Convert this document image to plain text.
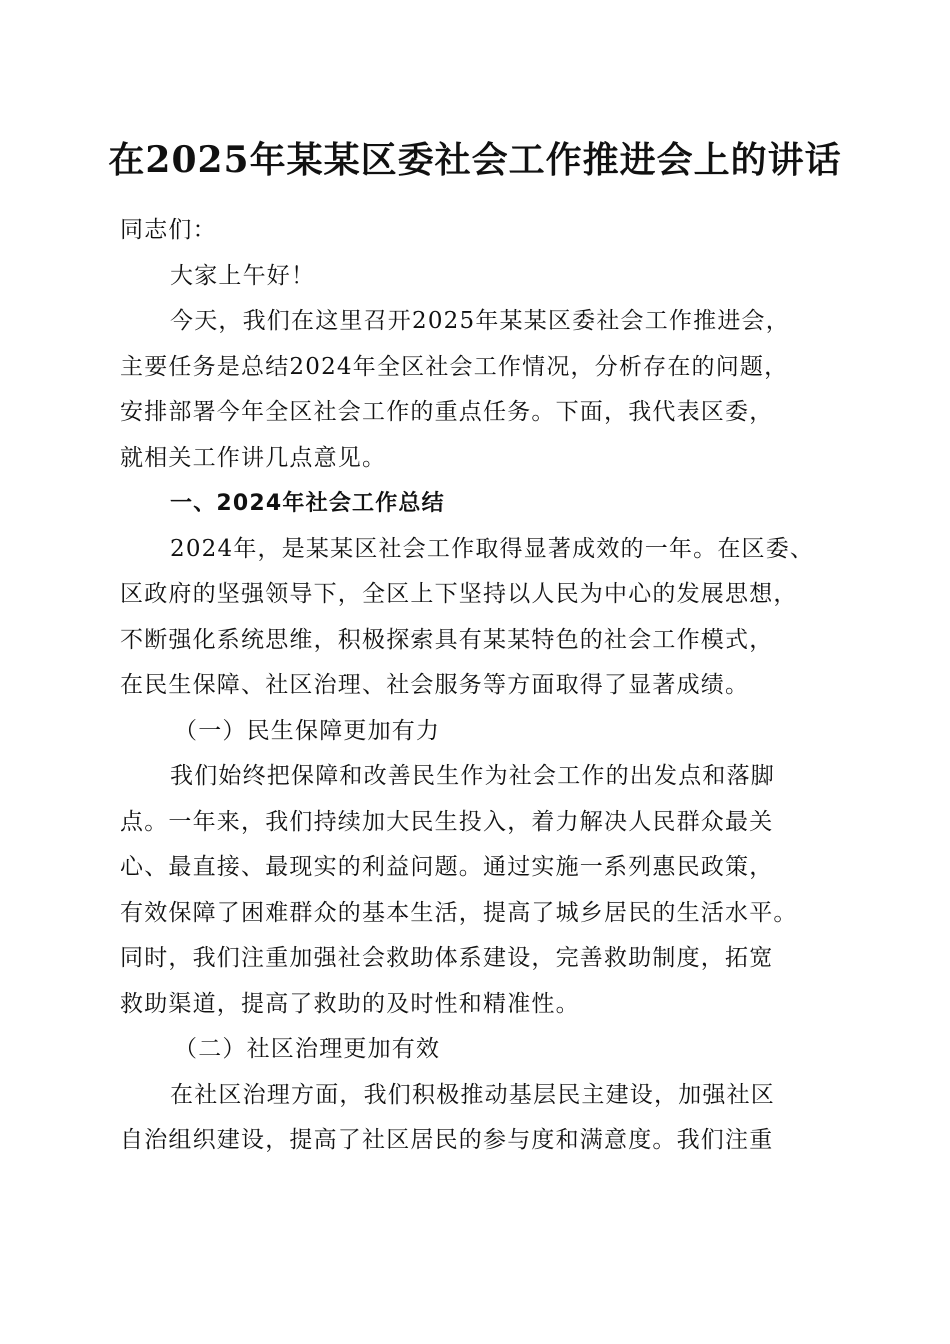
在2025年某某区委社会工作推进会上的讲话
同志们：
大家上午好！
今天，我们在这里召开2025年某某区委社会工作推进会，
主要任务是总结2024年全区社会工作情况，分析存在的问题，
安排部署今年全区社会工作的重点任务。下面，我代表区委，
就相关工作讲几点意见。
一、2024年社会工作总结
2024年，是某某区社会工作取得显著成效的一年。在区委、
区政府的坚强领导下，全区上下坚持以人民为中心的发展思想，
不断强化系统思维，积极探索具有某某特色的社会工作模式，
在民生保障、社区治理、社会服务等方面取得了显著成绩。
（一）民生保障更加有力
我们始终把保障和改善民生作为社会工作的出发点和落脚
点。一年来，我们持续加大民生投入，着力解决人民群众最关
心、最直接、最现实的利益问题。通过实施一系列惠民政策，
有效保障了困难群众的基本生活，提高了城乡居民的生活水平。
同时，我们注重加强社会救助体系建设，完善救助制度，拓宽
救助渠道，提高了救助的及时性和精准性。
（二）社区治理更加有效
在社区治理方面，我们积极推动基层民主建设，加强社区
自治组织建设，提高了社区居民的参与度和满意度。我们注重
